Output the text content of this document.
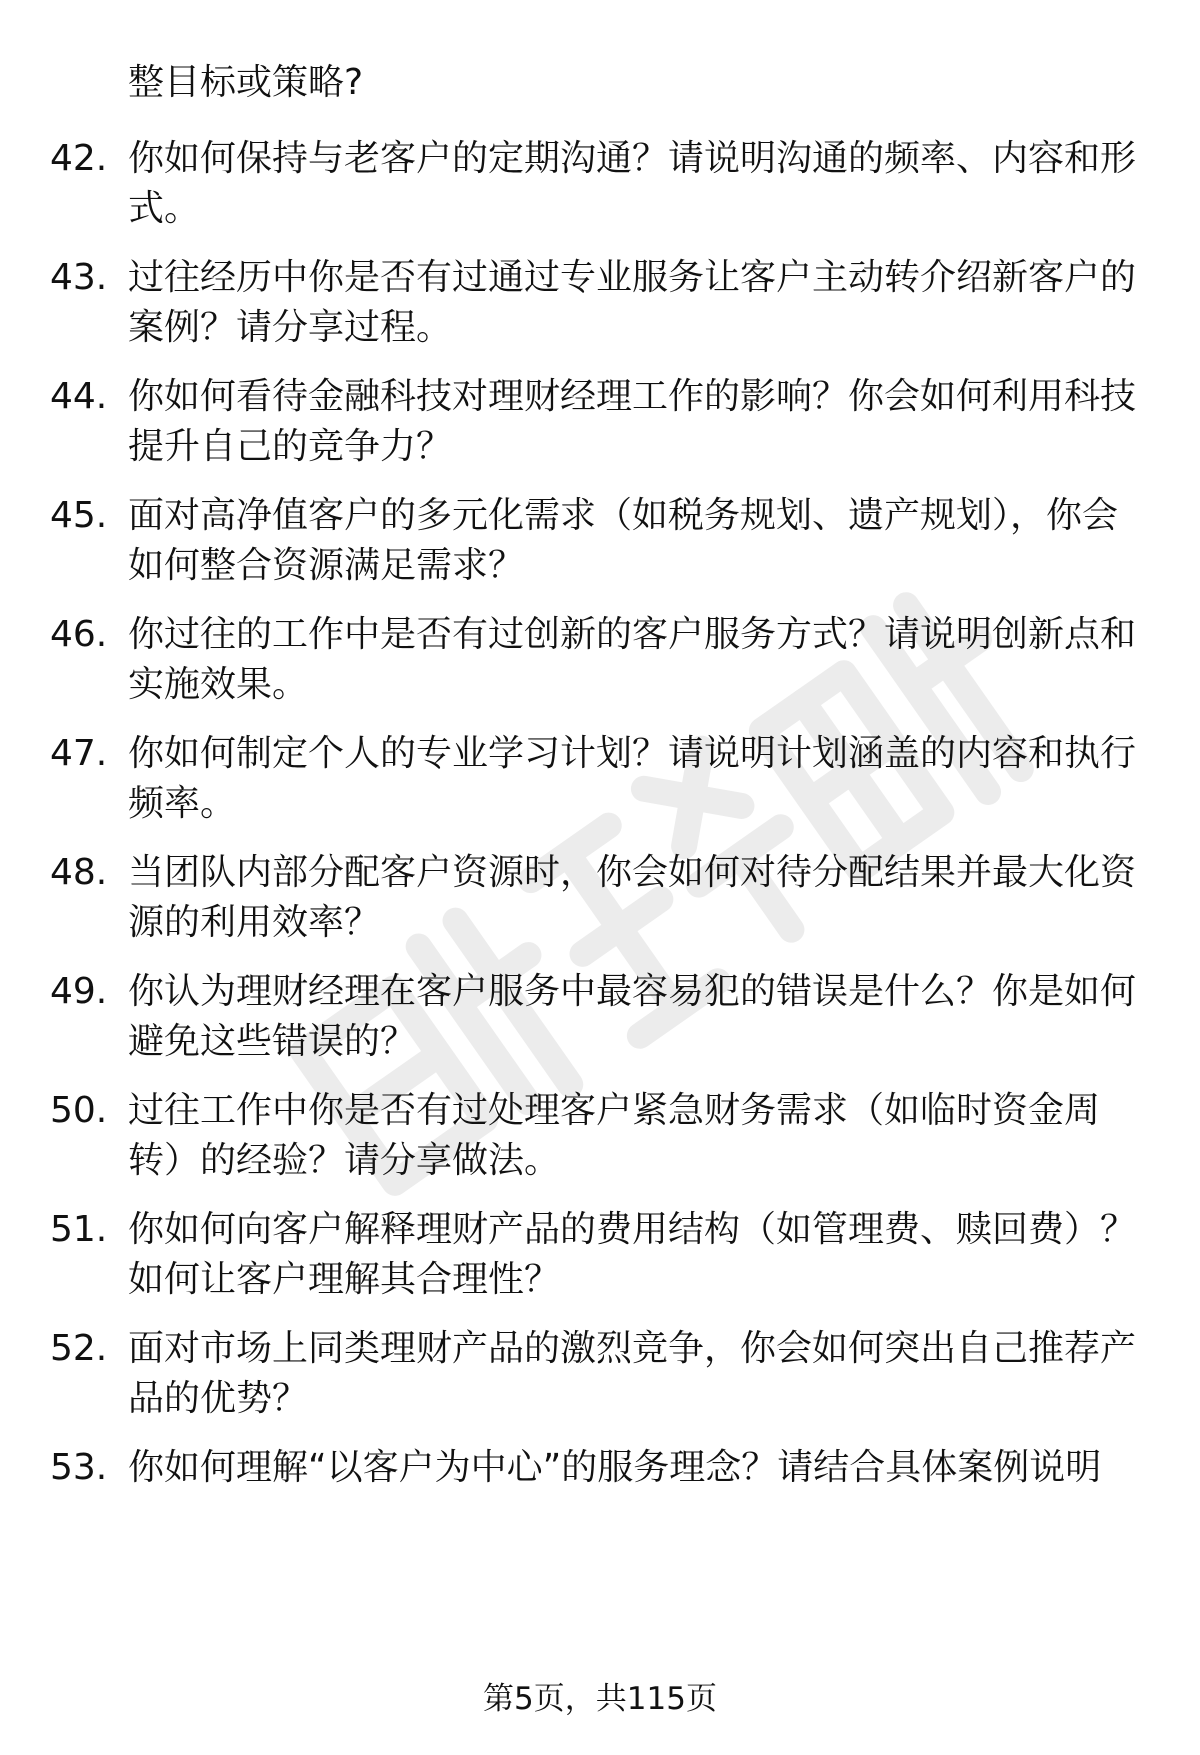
整目标或策略?
42. 你如何保持与老客户的定期沟通？请说明沟通的频率、内容和形
式。
43. 过往经历中你是否有过通过专业服务让客户主动转介绍新客户的
案例？请分享过程。
44. 你如何看待金融科技对理财经理工作的影响？你会如何利用科技
提升自己的竞争力？
45. 面对高净值客户的多元化需求（如税务规划、遗产规划），你会
如何整合资源满足需求？
46. 你过往的工作中是否有过创新的客户服务方式？请说明创新点和
实施效果。
47. 你如何制定个人的专业学习计划？请说明计划涵盖的内容和执行
频率。
48. 当团队内部分配客户资源时，你会如何对待分配结果并最大化资
源的利用效率？
49. 你认为理财经理在客户服务中最容易犯的错误是什么？你是如何
避免这些错误的？
50. 过往工作中你是否有过处理客户紧急财务需求（如临时资金周
转）的经验？请分享做法。
51. 你如何向客户解释理财产品的费用结构（如管理费、赎回费）？
如何让客户理解其合理性？
52. 面对市场上同类理财产品的激烈竞争，你会如何突出自己推荐产
品的优势？
53. 你如何理解“以客户为中心”的服务理念？请结合具体案例说明
第5页，共115页
